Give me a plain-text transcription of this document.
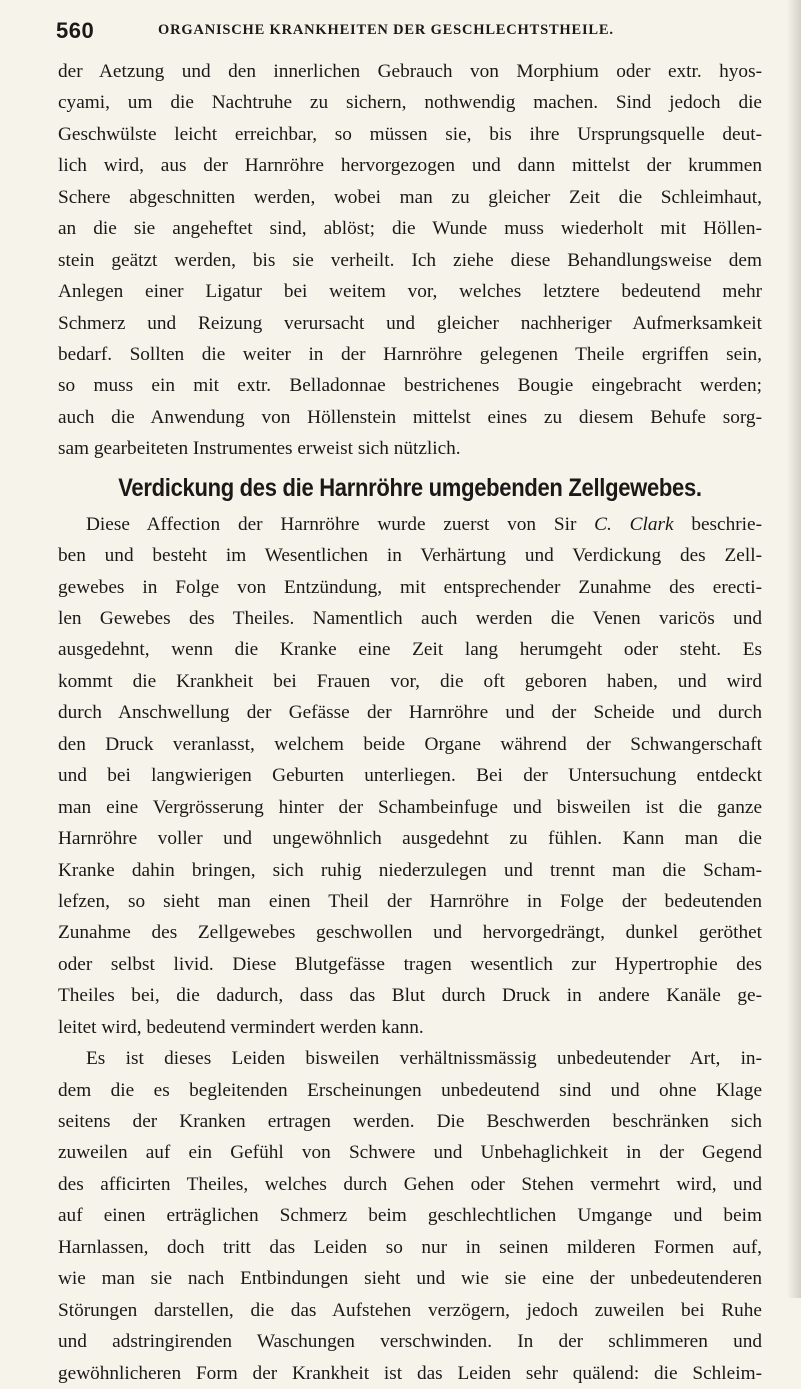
560	ORGANISCHE KRANKHEITEN DER GESCHLECHTSTHEILE.
der Aetzung und den innerlichen Gebrauch von Morphium oder extr. hyos-
cyami, um die Nachtruhe zu sichern, nothwendig machen. Sind jedoch die
Geschwülste leicht erreichbar, so müssen sie, bis ihre Ursprungsquelle deut-
lich wird, aus der Harnröhre hervorgezogen und dann mittelst der krummen
Schere abgeschnitten werden, wobei man zu gleicher Zeit die Schleimhaut,
an die sie angeheftet sind, ablöst; die Wunde muss wiederholt mit Höllen-
stein geätzt werden, bis sie verheilt. Ich ziehe diese Behandlungsweise dem
Anlegen einer Ligatur bei weitem vor, welches letztere bedeutend mehr
Schmerz und Reizung verursacht und gleicher nachheriger Aufmerksamkeit
bedarf. Sollten die weiter in der Harnröhre gelegenen Theile ergriffen sein,
so muss ein mit extr. Belladonnae bestrichenes Bougie eingebracht werden;
auch die Anwendung von Höllenstein mittelst eines zu diesem Behufe sorg-
sam gearbeiteten Instrumentes erweist sich nützlich.
Verdickung des die Harnröhre umgebenden Zellgewebes.
Diese Affection der Harnröhre wurde zuerst von Sir C. Clark beschrie-
ben und besteht im Wesentlichen in Verhärtung und Verdickung des Zell-
gewebes in Folge von Entzündung, mit entsprechender Zunahme des erecti-
len Gewebes des Theiles. Namentlich auch werden die Venen varicös und
ausgedehnt, wenn die Kranke eine Zeit lang herumgeht oder steht. Es
kommt die Krankheit bei Frauen vor, die oft geboren haben, und wird
durch Anschwellung der Gefässe der Harnröhre und der Scheide und durch
den Druck veranlasst, welchem beide Organe während der Schwangerschaft
und bei langwierigen Geburten unterliegen. Bei der Untersuchung entdeckt
man eine Vergrösserung hinter der Schambeinfuge und bisweilen ist die ganze
Harnröhre voller und ungewöhnlich ausgedehnt zu fühlen. Kann man die
Kranke dahin bringen, sich ruhig niederzulegen und trennt man die Scham-
lefzen, so sieht man einen Theil der Harnröhre in Folge der bedeutenden
Zunahme des Zellgewebes geschwollen und hervorgedrängt, dunkel geröthet
oder selbst livid. Diese Blutgefässe tragen wesentlich zur Hypertrophie des
Theiles bei, die dadurch, dass das Blut durch Druck in andere Kanäle ge-
leitet wird, bedeutend vermindert werden kann.
Es ist dieses Leiden bisweilen verhältnissmässig unbedeutender Art, in-
dem die es begleitenden Erscheinungen unbedeutend sind und ohne Klage
seitens der Kranken ertragen werden. Die Beschwerden beschränken sich
zuweilen auf ein Gefühl von Schwere und Unbehaglichkeit in der Gegend
des afficirten Theiles, welches durch Gehen oder Stehen vermehrt wird, und
auf einen erträglichen Schmerz beim geschlechtlichen Umgange und beim
Harnlassen, doch tritt das Leiden so nur in seinen milderen Formen auf,
wie man sie nach Entbindungen sieht und wie sie eine der unbedeutenderen
Störungen darstellen, die das Aufstehen verzögern, jedoch zuweilen bei Ruhe
und adstringirenden Waschungen verschwinden. In der schlimmeren und
gewöhnlicheren Form der Krankheit ist das Leiden sehr quälend: die Schleim-
